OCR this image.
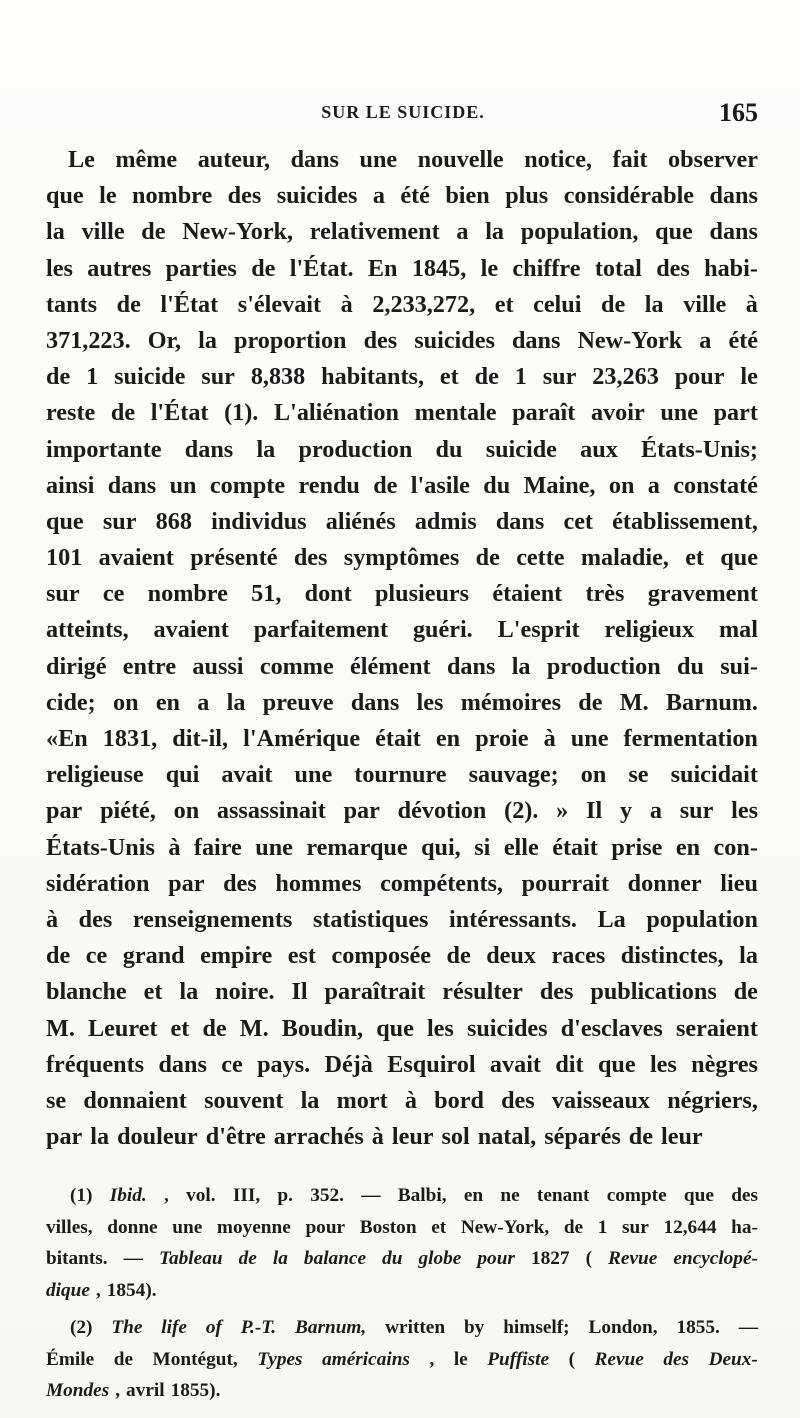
SUR LE SUICIDE.	165
Le même auteur, dans une nouvelle notice, fait observer
que le nombre des suicides a été bien plus considérable dans
la ville de New-York, relativement a la population, que dans
les autres parties de l'État. En 1845, le chiffre total des habi-
tants de l'État s'élevait à 2,233,272, et celui de la ville à
371,223. Or, la proportion des suicides dans New-York a été
de 1 suicide sur 8,838 habitants, et de 1 sur 23,263 pour le
reste de l'État (1). L'aliénation mentale paraît avoir une part
importante dans la production du suicide aux États-Unis;
ainsi dans un compte rendu de l'asile du Maine, on a constaté
que sur 868 individus aliénés admis dans cet établissement,
101 avaient présenté des symptômes de cette maladie, et que
sur ce nombre 51, dont plusieurs étaient très gravement
atteints, avaient parfaitement guéri. L'esprit religieux mal
dirigé entre aussi comme élément dans la production du sui-
cide; on en a la preuve dans les mémoires de M. Barnum.
«En 1831, dit-il, l'Amérique était en proie à une fermentation
religieuse qui avait une tournure sauvage; on se suicidait
par piété, on assassinait par dévotion (2). » Il y a sur les
États-Unis à faire une remarque qui, si elle était prise en con-
sidération par des hommes compétents, pourrait donner lieu
à des renseignements statistiques intéressants. La population
de ce grand empire est composée de deux races distinctes, la
blanche et la noire. Il paraîtrait résulter des publications de
M. Leuret et de M. Boudin, que les suicides d'esclaves seraient
fréquents dans ce pays. Déjà Esquirol avait dit que les nègres
se donnaient souvent la mort à bord des vaisseaux négriers,
par la douleur d'être arrachés à leur sol natal, séparés de leur
(1) Ibid. , vol. III, p. 352. — Balbi, en ne tenant compte que des
villes, donne une moyenne pour Boston et New-York, de 1 sur 12,644 ha-
bitants. — Tableau de la balance du globe pour 1827 ( Revue encyclopé-
dique , 1854).
(2) The life of P.-T. Barnum, written by himself; London, 1855. —
Émile de Montégut, Types américains , le Puffiste ( Revue des Deux-
Mondes , avril 1855).
